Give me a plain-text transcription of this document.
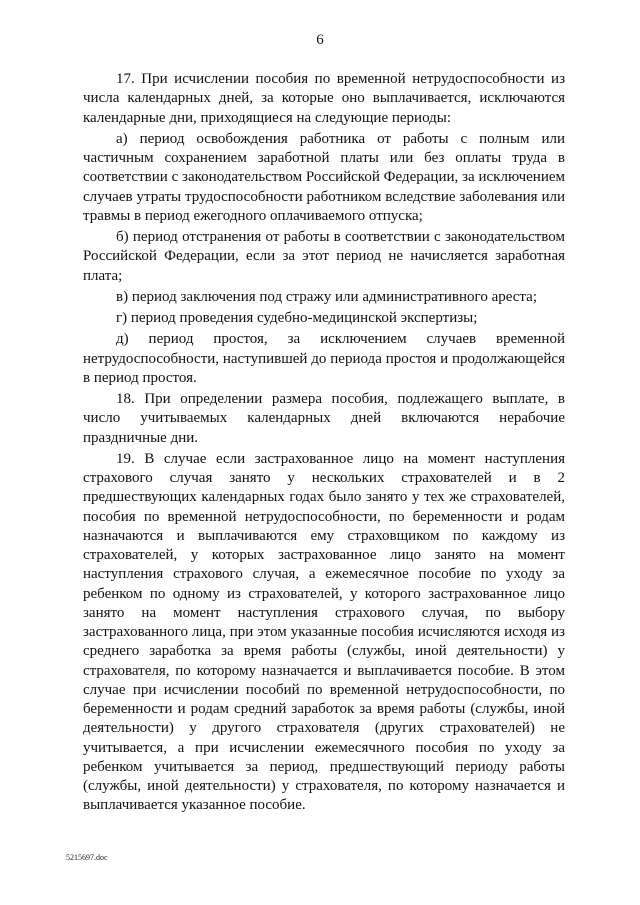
6

17. При исчислении пособия по временной нетрудоспособности из числа календарных дней, за которые оно выплачивается, исключаются календарные дни, приходящиеся на следующие периоды:

а) период освобождения работника от работы с полным или частичным сохранением заработной платы или без оплаты труда в соответствии с законодательством Российской Федерации, за исключением случаев утраты трудоспособности работником вследствие заболевания или травмы в период ежегодного оплачиваемого отпуска;

б) период отстранения от работы в соответствии с законодательством Российской Федерации, если за этот период не начисляется заработная плата;

в) период заключения под стражу или административного ареста;

г) период проведения судебно-медицинской экспертизы;

д) период простоя, за исключением случаев временной нетрудоспособности, наступившей до периода простоя и продолжающейся в период простоя.

18. При определении размера пособия, подлежащего выплате, в число учитываемых календарных дней включаются нерабочие праздничные дни.

19. В случае если застрахованное лицо на момент наступления страхового случая занято у нескольких страхователей и в 2 предшествующих календарных годах было занято у тех же страхователей, пособия по временной нетрудоспособности, по беременности и родам назначаются и выплачиваются ему страховщиком по каждому из страхователей, у которых застрахованное лицо занято на момент наступления страхового случая, а ежемесячное пособие по уходу за ребенком по одному из страхователей, у которого застрахованное лицо занято на момент наступления страхового случая, по выбору застрахованного лица, при этом указанные пособия исчисляются исходя из среднего заработка за время работы (службы, иной деятельности) у страхователя, по которому назначается и выплачивается пособие. В этом случае при исчислении пособий по временной нетрудоспособности, по беременности и родам средний заработок за время работы (службы, иной деятельности) у другого страхователя (других страхователей) не учитывается, а при исчислении ежемесячного пособия по уходу за ребенком учитывается за период, предшествующий периоду работы (службы, иной деятельности) у страхователя, по которому назначается и выплачивается указанное пособие.

5215697.doc
